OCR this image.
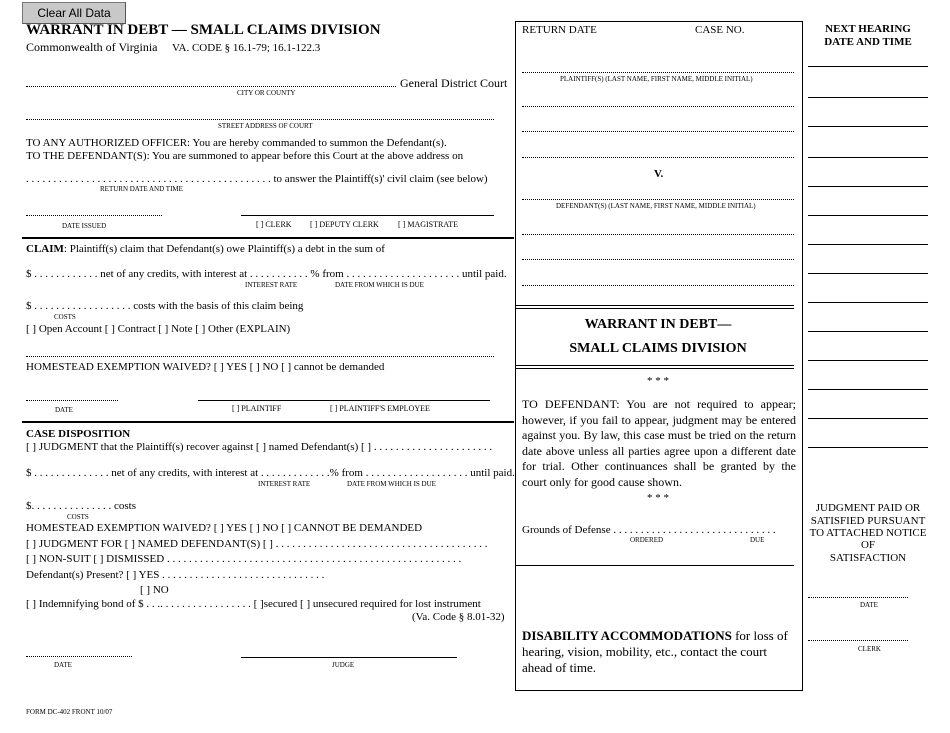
Clear All Data
WARRANT IN DEBT — SMALL CLAIMS DIVISION
Commonwealth of Virginia VA. CODE § 16.1-79; 16.1-122.3
General District Court
CITY OR COUNTY
STREET ADDRESS OF COURT
TO ANY AUTHORIZED OFFICER: You are hereby commanded to summon the Defendant(s).
TO THE DEFENDANT(S): You are summoned to appear before this Court at the above address on
. . . . . . . . . . . . . . . . . . . . . . . . . . . . . . . . . . . . . . . . . . . . . to answer the Plaintiff(s)' civil claim (see below)
RETURN DATE AND TIME
DATE ISSUED	[ ] CLERK [ ] DEPUTY CLERK [ ] MAGISTRATE
CLAIM: Plaintiff(s) claim that Defendant(s) owe Plaintiff(s) a debt in the sum of
$ . . . . . . . . . . . . net of any credits, with interest at . . . . . . . . . . . % from . . . . . . . . . . . . . . . . . . . . . until paid.
INTEREST RATE	DATE FROM WHICH IS DUE
$ . . . . . . . . . . . . . . . . . . costs with the basis of this claim being
COSTS
[ ] Open Account [ ] Contract [ ] Note [ ] Other (EXPLAIN)
HOMESTEAD EXEMPTION WAIVED? [ ] YES [ ] NO [ ] cannot be demanded
DATE	[ ] PLAINTIFF	[ ] PLAINTIFF'S EMPLOYEE
CASE DISPOSITION
[ ] JUDGMENT that the Plaintiff(s) recover against [ ] named Defendant(s) [ ] . . . . . . . . . . . . . . . . . . . . . .
$ . . . . . . . . . . . . . . net of any credits, with interest at . . . . . . . . . . . . .% from . . . . . . . . . . . . . . . . . . . until paid.
INTEREST RATE	DATE FROM WHICH IS DUE
$. . . . . . . . . . . . . . . costs
COSTS
HOMESTEAD EXEMPTION WAIVED? [ ] YES [ ] NO [ ] CANNOT BE DEMANDED
[ ] JUDGMENT FOR [ ] NAMED DEFENDANT(S) [ ] . . . . . . . . . . . . . . . . . . . . . . . . . . . . . . . . . . . . . . .
[ ] NON-SUIT [ ] DISMISSED . . . . . . . . . . . . . . . . . . . . . . . . . . . . . . . . . . . . . . . . . . . . . . . . . . . . . .
Defendant(s) Present? [ ] YES . . . . . . . . . . . . . . . . . . . . . . . . . . . . . .
[ ] NO
[ ] Indemnifying bond of $ . . .. . . . . . . . . . . . . . . . . [ ]secured [ ] unsecured required for lost instrument
(Va. Code § 8.01-32)
DATE	JUDGE
FORM DC-402 FRONT 10/07
RETURN DATE	CASE NO.
PLAINTIFF(S) (LAST NAME, FIRST NAME, MIDDLE INITIAL)
V.
DEFENDANT(S) (LAST NAME, FIRST NAME, MIDDLE INITIAL)
WARRANT IN DEBT—
SMALL CLAIMS DIVISION
* * *
TO DEFENDANT: You are not required to appear; however, if you fail to appear, judgment may be entered against you. By law, this case must be tried on the return date above unless all parties agree upon a different date for trial. Other continuances shall be granted by the court only for good cause shown.
* * *
Grounds of Defense . . . . . . . . . . . . . . . . . . . . . . . . . . . . . .
ORDERED	DUE
DISABILITY ACCOMMODATIONS for loss of hearing, vision, mobility, etc., contact the court ahead of time.
NEXT HEARING
DATE AND TIME
JUDGMENT PAID OR
SATISFIED PURSUANT
TO ATTACHED NOTICE
OF
SATISFACTION
DATE
CLERK
